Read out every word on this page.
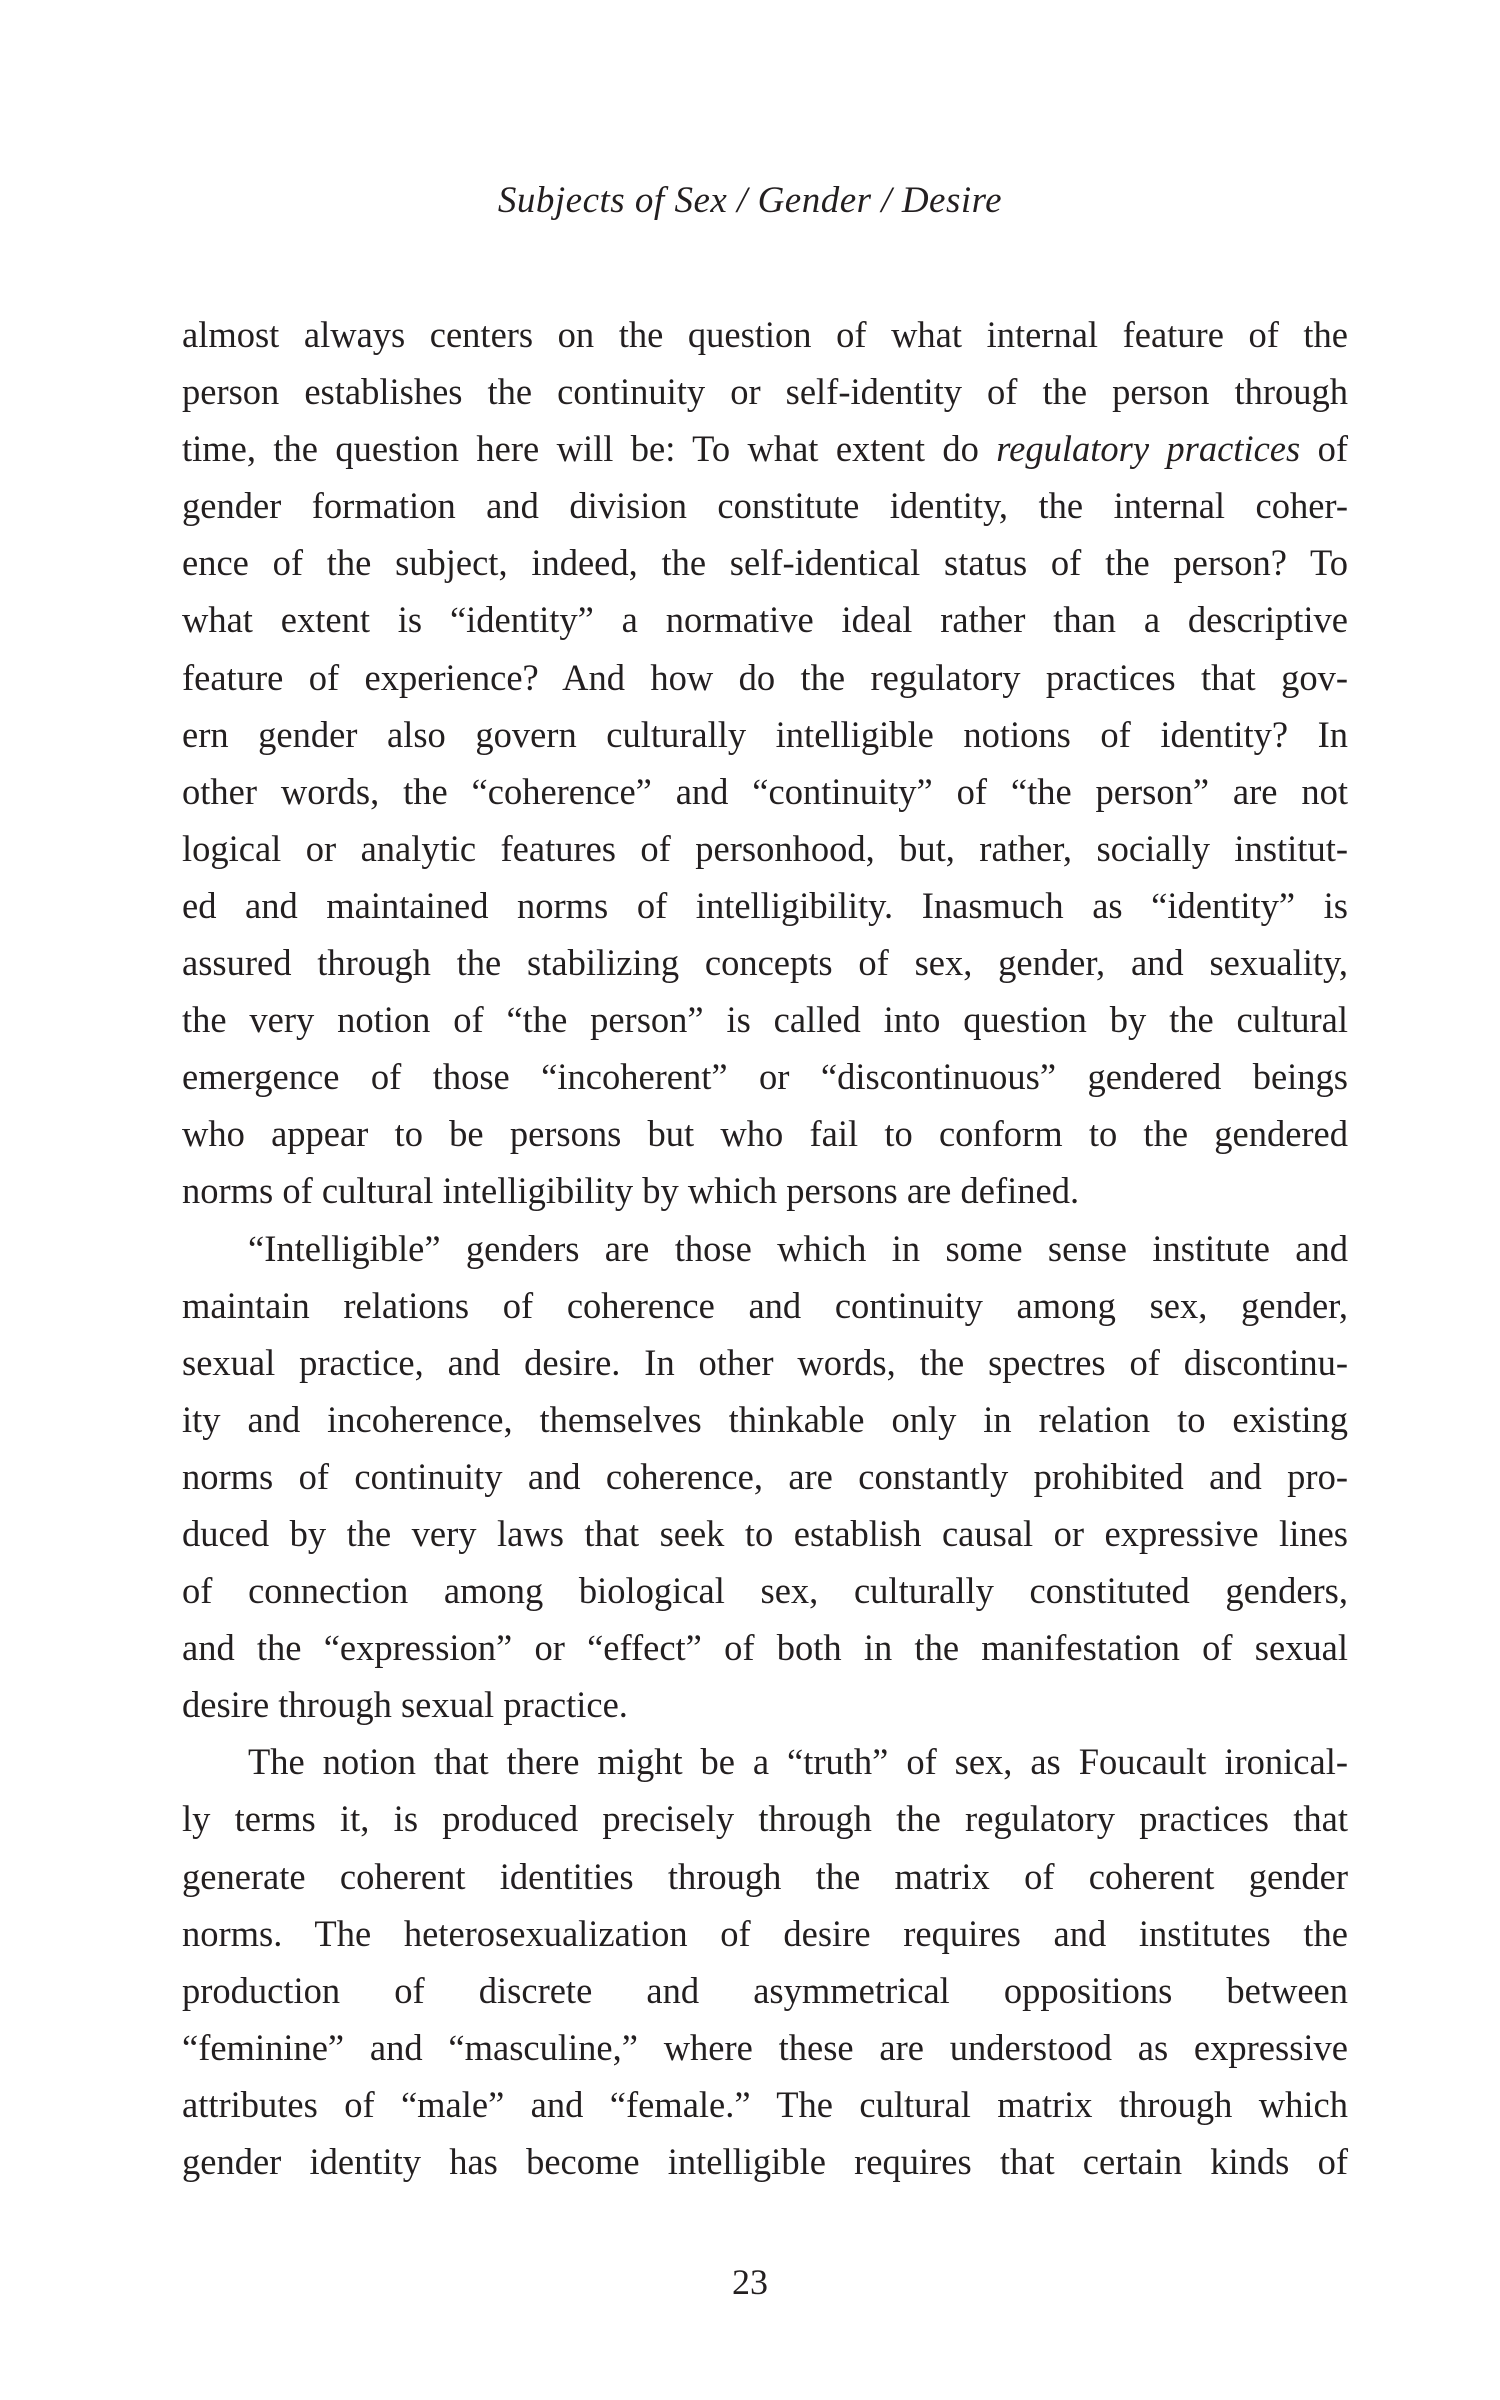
Subjects of Sex / Gender / Desire
almost always centers on the question of what internal feature of the
person establishes the continuity or self-identity of the person through
time, the question here will be: To what extent do regulatory practices of
gender formation and division constitute identity, the internal coher-
ence of the subject, indeed, the self-identical status of the person? To
what extent is “identity” a normative ideal rather than a descriptive
feature of experience? And how do the regulatory practices that gov-
ern gender also govern culturally intelligible notions of identity? In
other words, the “coherence” and “continuity” of “the person” are not
logical or analytic features of personhood, but, rather, socially institut-
ed and maintained norms of intelligibility. Inasmuch as “identity” is
assured through the stabilizing concepts of sex, gender, and sexuality,
the very notion of “the person” is called into question by the cultural
emergence of those “incoherent” or “discontinuous” gendered beings
who appear to be persons but who fail to conform to the gendered
norms of cultural intelligibility by which persons are defined.
“Intelligible” genders are those which in some sense institute and
maintain relations of coherence and continuity among sex, gender,
sexual practice, and desire. In other words, the spectres of discontinu-
ity and incoherence, themselves thinkable only in relation to existing
norms of continuity and coherence, are constantly prohibited and pro-
duced by the very laws that seek to establish causal or expressive lines
of connection among biological sex, culturally constituted genders,
and the “expression” or “effect” of both in the manifestation of sexual
desire through sexual practice.
The notion that there might be a “truth” of sex, as Foucault ironical-
ly terms it, is produced precisely through the regulatory practices that
generate coherent identities through the matrix of coherent gender
norms. The heterosexualization of desire requires and institutes the
production of discrete and asymmetrical oppositions between
“feminine” and “masculine,” where these are understood as expressive
attributes of “male” and “female.” The cultural matrix through which
gender identity has become intelligible requires that certain kinds of
23
